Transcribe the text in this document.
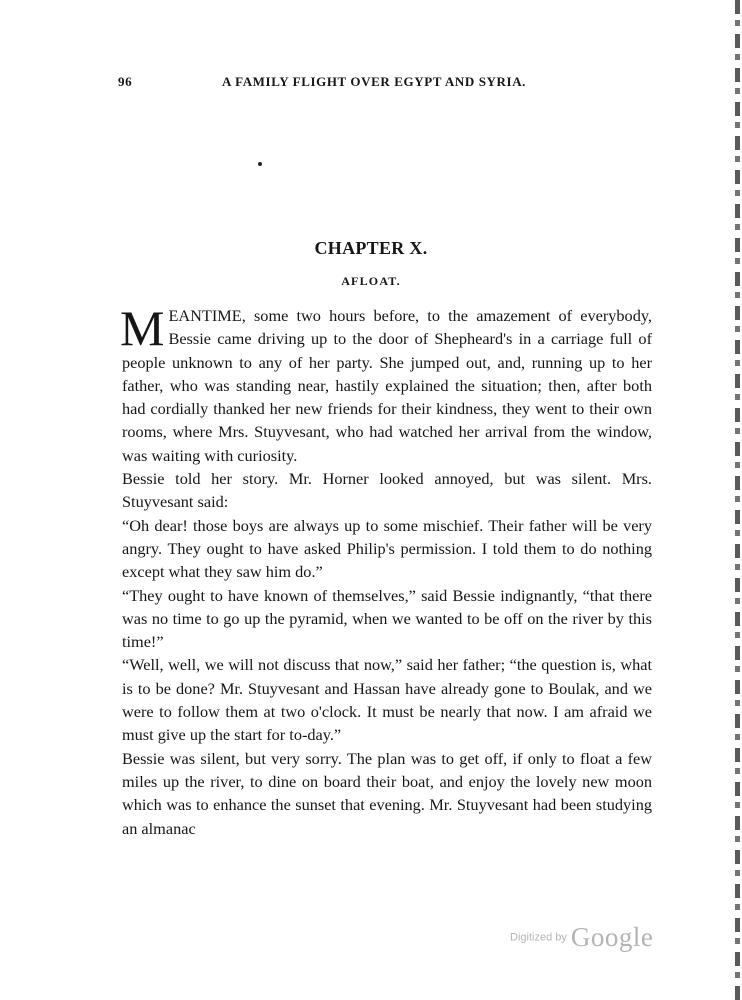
96	A FAMILY FLIGHT OVER EGYPT AND SYRIA.
CHAPTER X.
AFLOAT.

MEANTIME, some two hours before, to the amazement of everybody, Bessie came driving up to the door of Shepheard's in a carriage full of people unknown to any of her party. She jumped out, and, running up to her father, who was standing near, hastily explained the situation; then, after both had cordially thanked her new friends for their kindness, they went to their own rooms, where Mrs. Stuyvesant, who had watched her arrival from the window, was waiting with curiosity.

Bessie told her story. Mr. Horner looked annoyed, but was silent. Mrs. Stuyvesant said:

“Oh dear! those boys are always up to some mischief. Their father will be very angry. They ought to have asked Philip's permission. I told them to do nothing except what they saw him do.”

“They ought to have known of themselves,” said Bessie indignantly, “that there was no time to go up the pyramid, when we wanted to be off on the river by this time!”

“Well, well, we will not discuss that now,” said her father; “the question is, what is to be done? Mr. Stuyvesant and Hassan have already gone to Boulak, and we were to follow them at two o'clock. It must be nearly that now. I am afraid we must give up the start for to-day.”

Bessie was silent, but very sorry. The plan was to get off, if only to float a few miles up the river, to dine on board their boat, and enjoy the lovely new moon which was to enhance the sunset that evening. Mr. Stuyvesant had been studying an almanac

Digitized by Google
